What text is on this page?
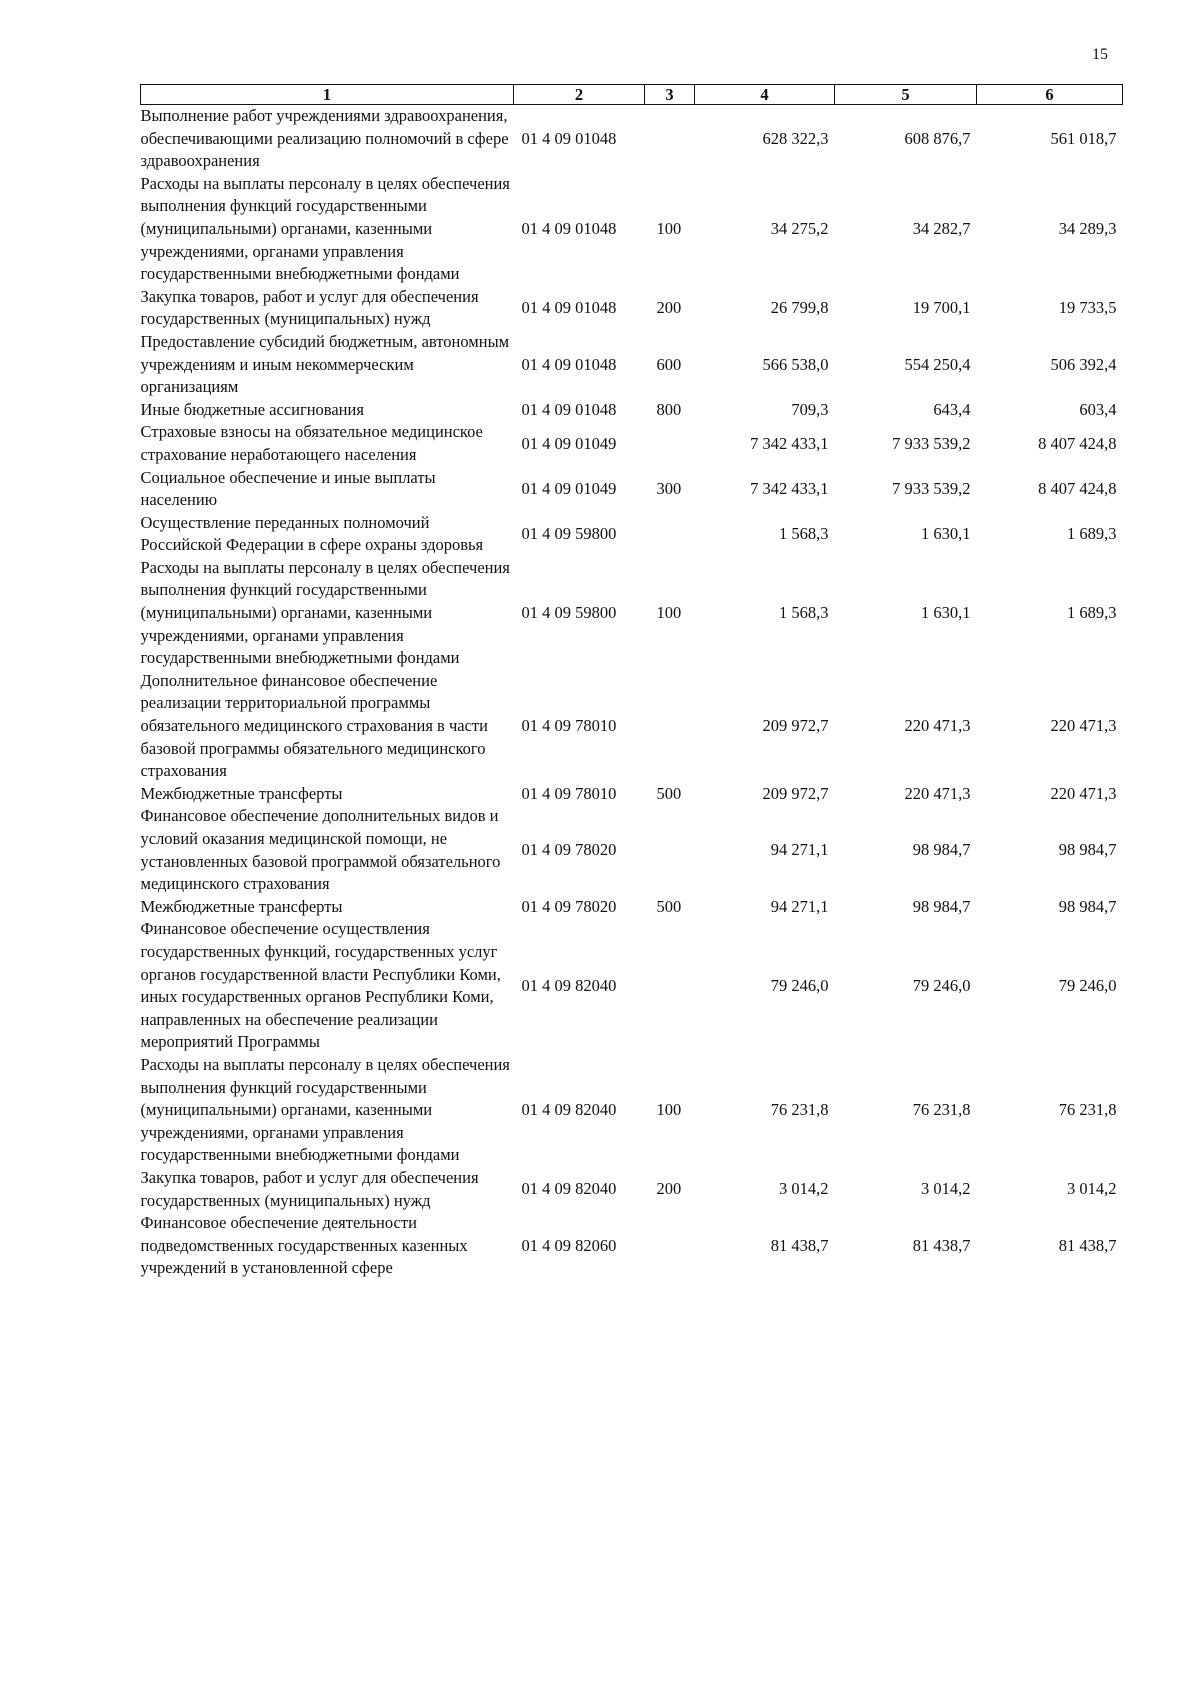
15
1	2	3	4	5	6
Выполнение работ учреждениями здравоохранения, обеспечивающими реализацию полномочий в сфере здравоохранения	01 4 09 01048		628 322,3	608 876,7	561 018,7
Расходы на выплаты персоналу в целях обеспечения выполнения функций государственными (муниципальными) органами, казенными учреждениями, органами управления государственными внебюджетными фондами	01 4 09 01048	100	34 275,2	34 282,7	34 289,3
Закупка товаров, работ и услуг для обеспечения государственных (муниципальных) нужд	01 4 09 01048	200	26 799,8	19 700,1	19 733,5
Предоставление субсидий бюджетным, автономным учреждениям и иным некоммерческим организациям	01 4 09 01048	600	566 538,0	554 250,4	506 392,4
Иные бюджетные ассигнования	01 4 09 01048	800	709,3	643,4	603,4
Страховые взносы на обязательное медицинское страхование неработающего населения	01 4 09 01049		7 342 433,1	7 933 539,2	8 407 424,8
Социальное обеспечение и иные выплаты населению	01 4 09 01049	300	7 342 433,1	7 933 539,2	8 407 424,8
Осуществление переданных полномочий Российской Федерации в сфере охраны здоровья	01 4 09 59800		1 568,3	1 630,1	1 689,3
Расходы на выплаты персоналу в целях обеспечения выполнения функций государственными (муниципальными) органами, казенными учреждениями, органами управления государственными внебюджетными фондами	01 4 09 59800	100	1 568,3	1 630,1	1 689,3
Дополнительное финансовое обеспечение реализации территориальной программы обязательного медицинского страхования в части базовой программы обязательного медицинского страхования	01 4 09 78010		209 972,7	220 471,3	220 471,3
Межбюджетные трансферты	01 4 09 78010	500	209 972,7	220 471,3	220 471,3
Финансовое обеспечение дополнительных видов и условий оказания медицинской помощи, не установленных базовой программой обязательного медицинского страхования	01 4 09 78020		94 271,1	98 984,7	98 984,7
Межбюджетные трансферты	01 4 09 78020	500	94 271,1	98 984,7	98 984,7
Финансовое обеспечение осуществления государственных функций, государственных услуг органов государственной власти Республики Коми, иных государственных органов Республики Коми, направленных на обеспечение реализации мероприятий Программы	01 4 09 82040		79 246,0	79 246,0	79 246,0
Расходы на выплаты персоналу в целях обеспечения выполнения функций государственными (муниципальными) органами, казенными учреждениями, органами управления государственными внебюджетными фондами	01 4 09 82040	100	76 231,8	76 231,8	76 231,8
Закупка товаров, работ и услуг для обеспечения государственных (муниципальных) нужд	01 4 09 82040	200	3 014,2	3 014,2	3 014,2
Финансовое обеспечение деятельности подведомственных государственных казенных учреждений в установленной сфере	01 4 09 82060		81 438,7	81 438,7	81 438,7
